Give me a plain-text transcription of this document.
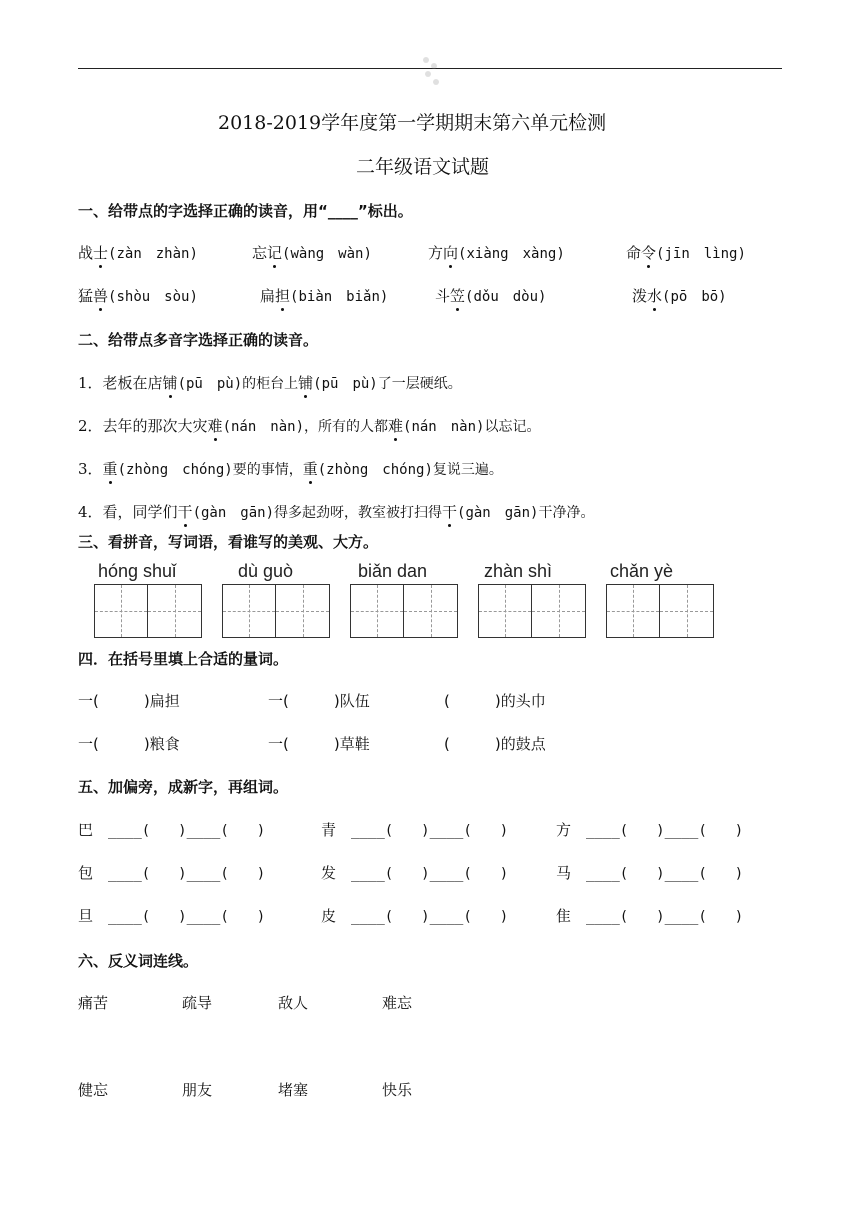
2018-2019学年度第一学期期末第六单元检测
二年级语文试题
一、给带点的字选择正确的读音，用“____”标出。
战士(zàn　zhàn)	忘记(wàng　wàn)	方向(xiàng　xàng)	命令(jīn　lìng)
猛兽(shòu　sòu)	扁担(biàn　biǎn)	斗笠(dǒu　dòu)	泼水(pō　bō)
二、给带点多音字选择正确的读音。
1．老板在店铺(pū　pù)的柜台上铺(pū　pù)了一层硬纸。
2．去年的那次大灾难(nán　nàn)，所有的人都难(nán　nàn)以忘记。
3．重(zhòng　chóng)要的事情，重(zhòng　chóng)复说三遍。
4．看，同学们干(gàn　gān)得多起劲呀，教室被打扫得干(gàn　gān)干净净。
三、看拼音，写词语，看谁写的美观、大方。
hóng shuǐ	dù guò	biǎn dan	zhàn shì	chǎn yè
四．在括号里填上合适的量词。
一(　　　)扁担	一(　　　)队伍	(　　　)的头巾
一(　　　)粮食	一(　　　)草鞋	(　　　)的鼓点
五、加偏旁，成新字，再组词。
巴　 ____(　　)____(　　)	青　 ____(　　)____(　　)	方　 ____(　　)____(　　)
包　 ____(　　)____(　　)	发　 ____(　　)____(　　)	马　 ____(　　)____(　　)
旦　 ____(　　)____(　　)	皮　 ____(　　)____(　　)	隹　 ____(　　)____(　　)
六、反义词连线。
痛苦	疏导	敌人	难忘
健忘	朋友	堵塞	快乐
